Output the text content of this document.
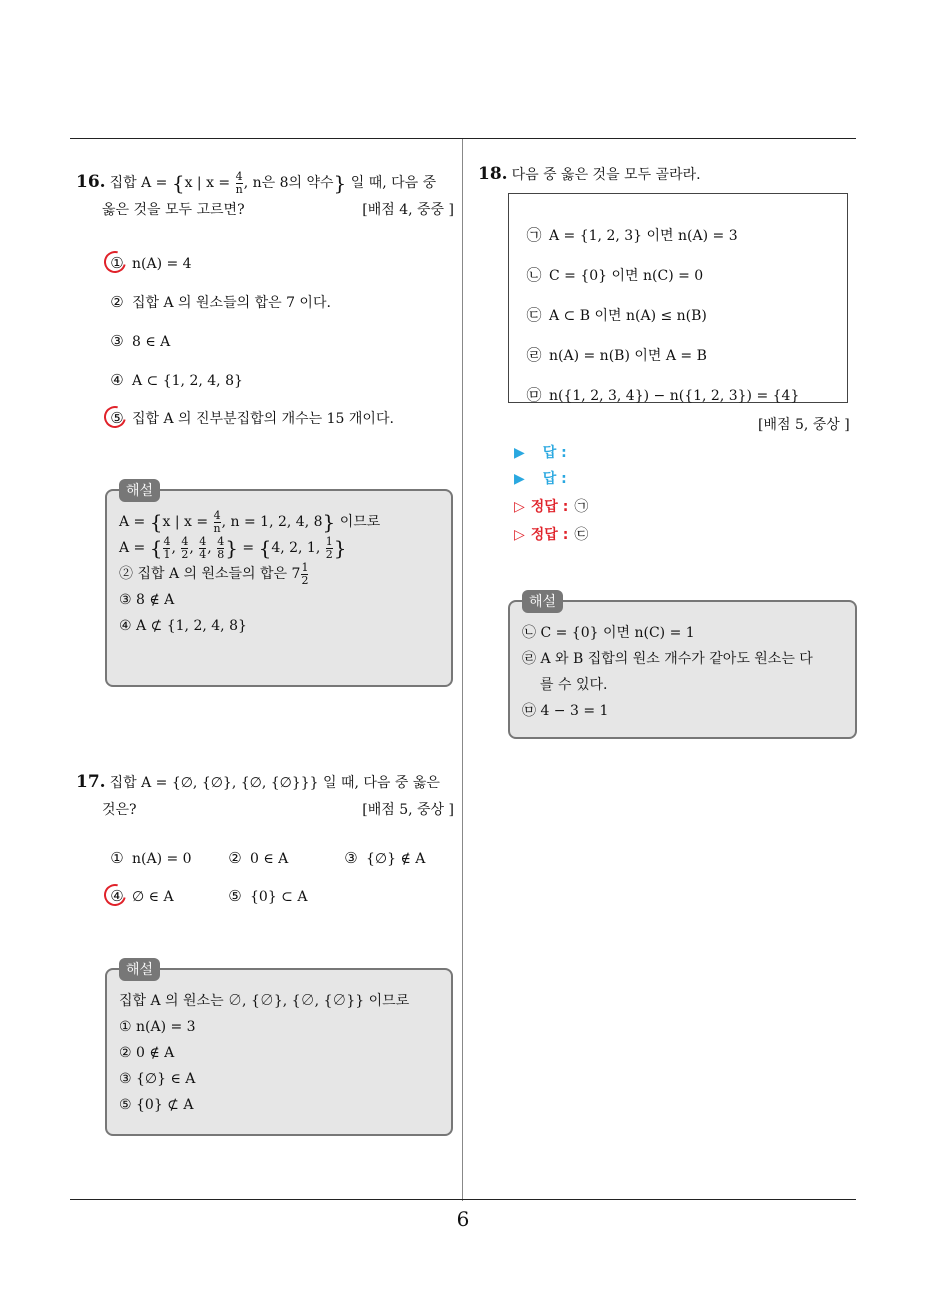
6
16. 집합 A = {x | $x = \frac{4}{n}$ , n은 8의 약수} 일 때, 다음 중
옳은 것을 모두 고르면?	[배점 4, 중중 ]
① n(A) = 4
② 집합 A 의 원소들의 합은 7 이다.
③ 8 ∈ A
④ A ⊂ {1, 2, 4, 8}
⑤ 집합 A 의 진부분집합의 개수는 15 개이다.
해설
A = {x | $x = \frac{4}{n}$ , n = 1, 2, 4, 8} 이므로
A = { $\frac{4}{1}$ , $\frac{4}{2}$ , $\frac{4}{4}$ , $\frac{4}{8}$ } = {4, 2, 1, $\frac{1}{2}$ }
② 집합 A 의 원소들의 합은 $7 \frac{1}{2}$
③ 8 ∉ A
④ A ⊄ {1, 2, 4, 8}
17. 집합 A = {∅, {∅}, {∅, {∅}}} 일 때, 다음 중 옳은
것은?	[배점 5, 중상 ]
① n(A) = 0 ② 0 ∈ A	③ {∅} ∉ A
④ ∅ ∈ A	⑤ {0} ⊂ A
해설
집합 A 의 원소는 ∅, {∅}, {∅, {∅}} 이므로
① n(A) = 3
② 0 ∉ A
③ {∅} ∈ A
⑤ {0} ⊄ A
18. 다음 중 옳은 것을 모두 골라라.
㉠ A = {1, 2, 3} 이면 n(A) = 3
㉡ C = {0} 이면 n(C) = 0
㉢ A ⊂ B 이면 n(A) ≤ n(B)
㉣ n(A) = n(B) 이면 A = B
㉤ n({1, 2, 3, 4}) − n({1, 2, 3}) = {4}
[배점 5, 중상 ]
▶ 답 :
▶ 답 :
▷ 정답 : ㉠
▷ 정답 : ㉢
해설
㉡ C = {0} 이면 n(C) = 1
㉣ A 와 B 집합의 원소 개수가 같아도 원소는 다
를 수 있다.
㉤ 4 − 3 = 1
